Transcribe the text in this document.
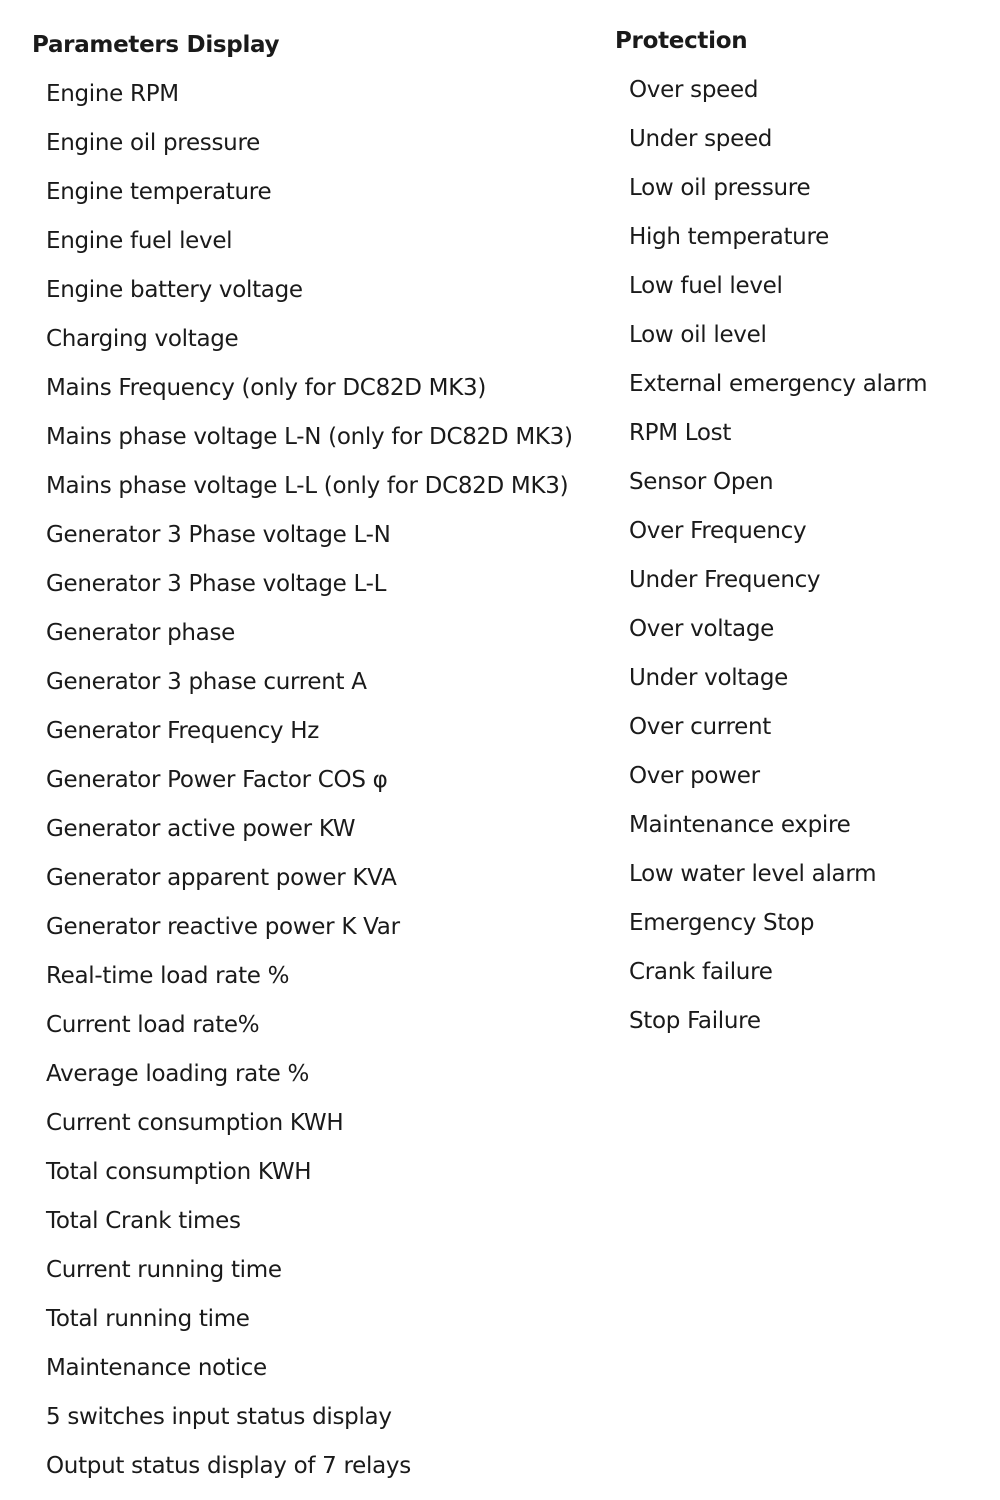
Parameters Display
Engine RPM
Engine oil pressure
Engine temperature
Engine fuel level
Engine battery voltage
Charging voltage
Mains Frequency (only for DC82D MK3)
Mains phase voltage L-N (only for DC82D MK3)
Mains phase voltage L-L (only for DC82D MK3)
Generator 3 Phase voltage L-N
Generator 3 Phase voltage L-L
Generator phase
Generator 3 phase current A
Generator Frequency Hz
Generator Power Factor COS φ
Generator active power KW
Generator apparent power KVA
Generator reactive power K Var
Real-time load rate %
Current load rate%
Average loading rate %
Current consumption KWH
Total consumption KWH
Total Crank times
Current running time
Total running time
Maintenance notice
5 switches input status display
Output status display of 7 relays
Protection
Over speed
Under speed
Low oil pressure
High temperature
Low fuel level
Low oil level
External emergency alarm
RPM Lost
Sensor Open
Over Frequency
Under Frequency
Over voltage
Under voltage
Over current
Over power
Maintenance expire
Low water level alarm
Emergency Stop
Crank failure
Stop Failure
